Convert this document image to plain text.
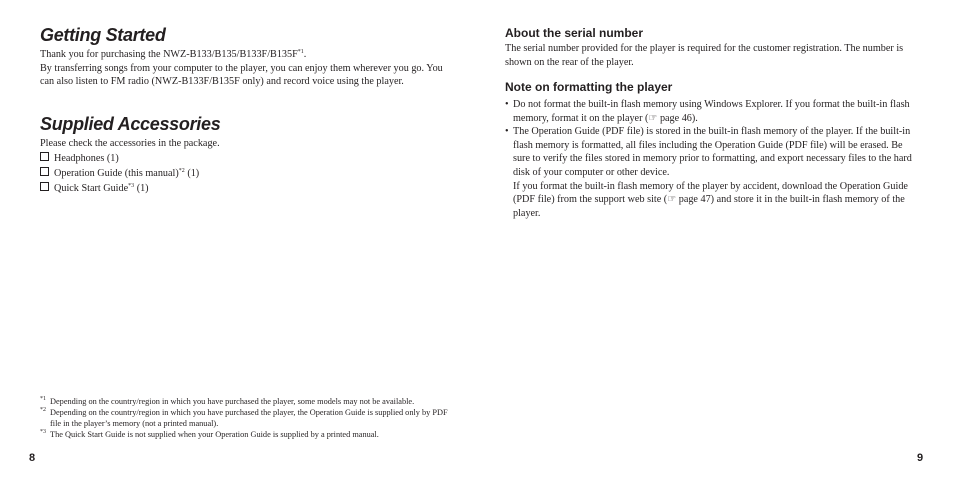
Getting Started

Thank you for purchasing the NWZ-$B133/B135/B133F/B135F^{*1}$.

By transferring songs from your computer to the player, you can enjoy them wherever you go. You can also listen to FM radio (NWZ-B133F/B135F only) and record voice using the player.

Supplied Accessories

Please check the accessories in the package.

Headphones (1)
Operation Guide (this manual)$^{*2}$ (1)
Quick Start Guide$^{*3}$ (1)
*1 Depending on the country/region in which you have purchased the player, some models may not be available.
*2 Depending on the country/region in which you have purchased the player, the Operation Guide is supplied only by PDF file in the player’s memory (not a printed manual).
*3 The Quick Start Guide is not supplied when your Operation Guide is supplied by a printed manual.
8
About the serial number

The serial number provided for the player is required for the customer registration. The number is shown on the rear of the player.

Note on formatting the player
• Do not format the built-in flash memory using Windows Explorer. If you format the built-in flash memory, format it on the player (☞ page 46).
• The Operation Guide (PDF file) is stored in the built-in flash memory of the player. If the built-in flash memory is formatted, all files including the Operation Guide (PDF file) will be erased. Be sure to verify the files stored in memory prior to formatting, and export necessary files to the hard disk of your computer or other device.
If you format the built-in flash memory of the player by accident, download the Operation Guide (PDF file) from the support web site (☞ page 47) and store it in the built-in flash memory of the player.
9
